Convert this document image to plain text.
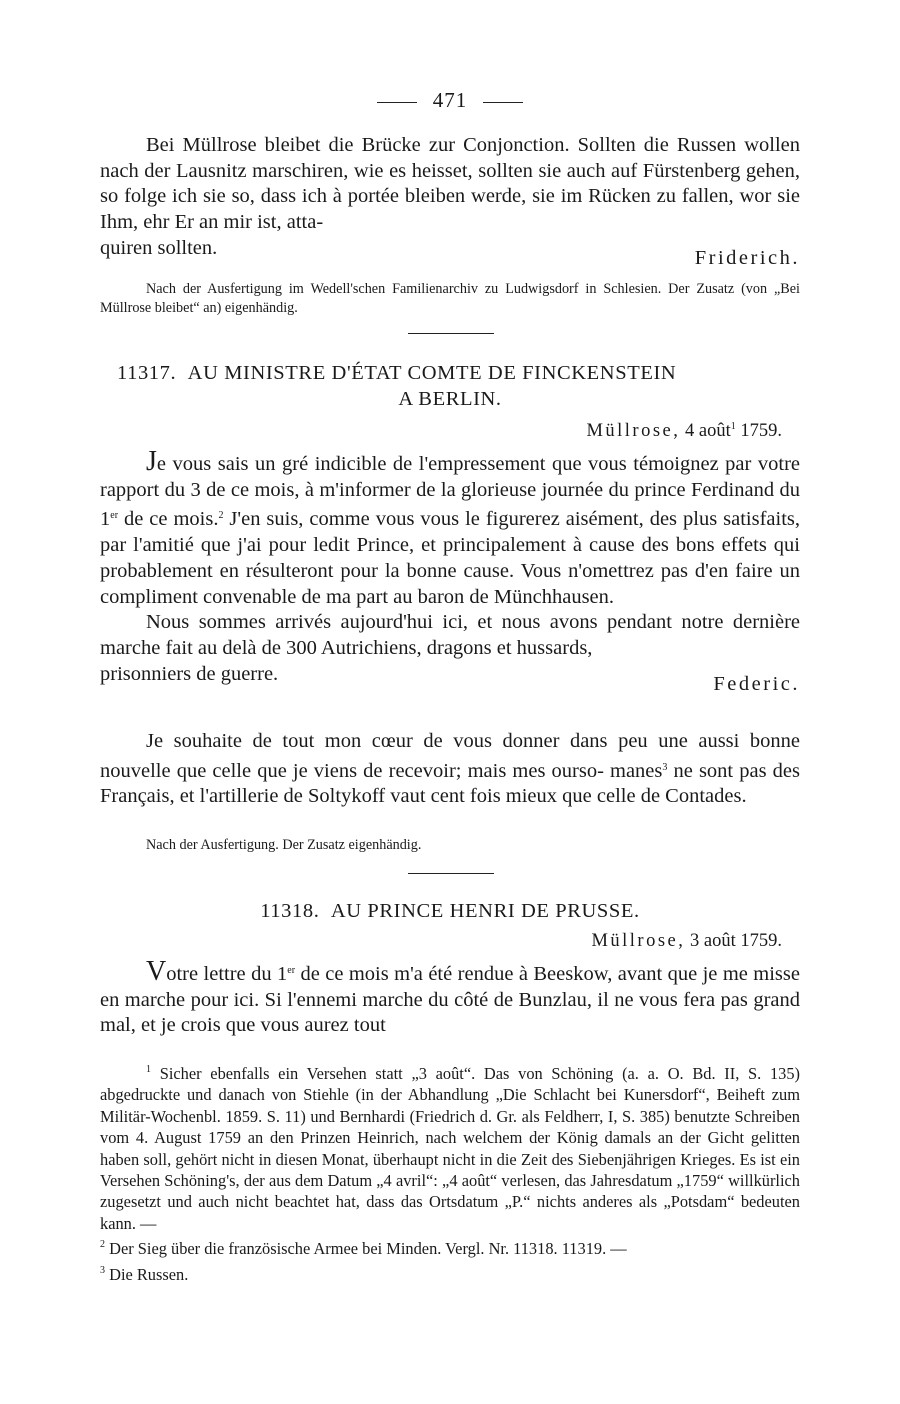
471

Bei Müllrose bleibet die Brücke zur Conjonction. Sollten die Russen wollen nach der Lausnitz marschiren, wie es heisset, sollten sie auch auf Fürstenberg gehen, so folge ich sie so, dass ich à portée bleiben werde, sie im Rücken zu fallen, wor sie Ihm, ehr Er an mir ist, atta-

quiren sollten.	Friderich.
Nach der Ausfertigung im Wedell'schen Familienarchiv zu Ludwigsdorf in Schlesien. Der Zusatz (von „Bei Müllrose bleibet“ an) eigenhändig.
11317. AU MINISTRE D'ÉTAT COMTE DE FINCKENSTEIN
A BERLIN.
Müllrose, 4 août$^1$ 1759.

Je vous sais un gré indicible de l'empressement que vous témoignez par votre rapport du 3 de ce mois, à m'informer de la glorieuse journée du prince Ferdinand du 1er de ce mois.$^2$ J'en suis, comme vous vous le figurerez aisément, des plus satisfaits, par l'amitié que j'ai pour ledit Prince, et principalement à cause des bons effets qui probablement en résulteront pour la bonne cause. Vous n'omettrez pas d'en faire un compliment convenable de ma part au baron de Münchhausen.

Nous sommes arrivés aujourd'hui ici, et nous avons pendant notre dernière marche fait au delà de 300 Autrichiens, dragons et hussards,

prisonniers de guerre.	Federic.

Je souhaite de tout mon cœur de vous donner dans peu une aussi bonne nouvelle que celle que je viens de recevoir; mais mes ourso- manes$^3$ ne sont pas des Français, et l'artillerie de Soltykoff vaut cent fois mieux que celle de Contades.

Nach der Ausfertigung. Der Zusatz eigenhändig.
11318. AU PRINCE HENRI DE PRUSSE.
Müllrose, 3 août 1759.

Votre lettre du 1er de ce mois m'a été rendue à Beeskow, avant que je me misse en marche pour ici. Si l'ennemi marche du côté de Bunzlau, il ne vous fera pas grand mal, et je crois que vous aurez tout

$^1$ Sicher ebenfalls ein Versehen statt „3 août“. Das von Schöning (a. a. O. Bd. II, S. 135) abgedruckte und danach von Stiehle (in der Abhandlung „Die Schlacht bei Kunersdorf“, Beiheft zum Militär-Wochenbl. 1859. S. 11) und Bernhardi (Friedrich d. Gr. als Feldherr, I, S. 385) benutzte Schreiben vom 4. August 1759 an den Prinzen Heinrich, nach welchem der König damals an der Gicht gelitten haben soll, gehört nicht in diesen Monat, überhaupt nicht in die Zeit des Siebenjährigen Krieges. Es ist ein Versehen Schöning's, der aus dem Datum „4 avril“: „4 août“ verlesen, das Jahresdatum „1759“ willkürlich zugesetzt und auch nicht beachtet hat, dass das Ortsdatum „P.“ nichts anderes als „Potsdam“ bedeuten kann. —

$^2$ Der Sieg über die französische Armee bei Minden. Vergl. Nr. 11318. 11319. —

$^3$ Die Russen.
